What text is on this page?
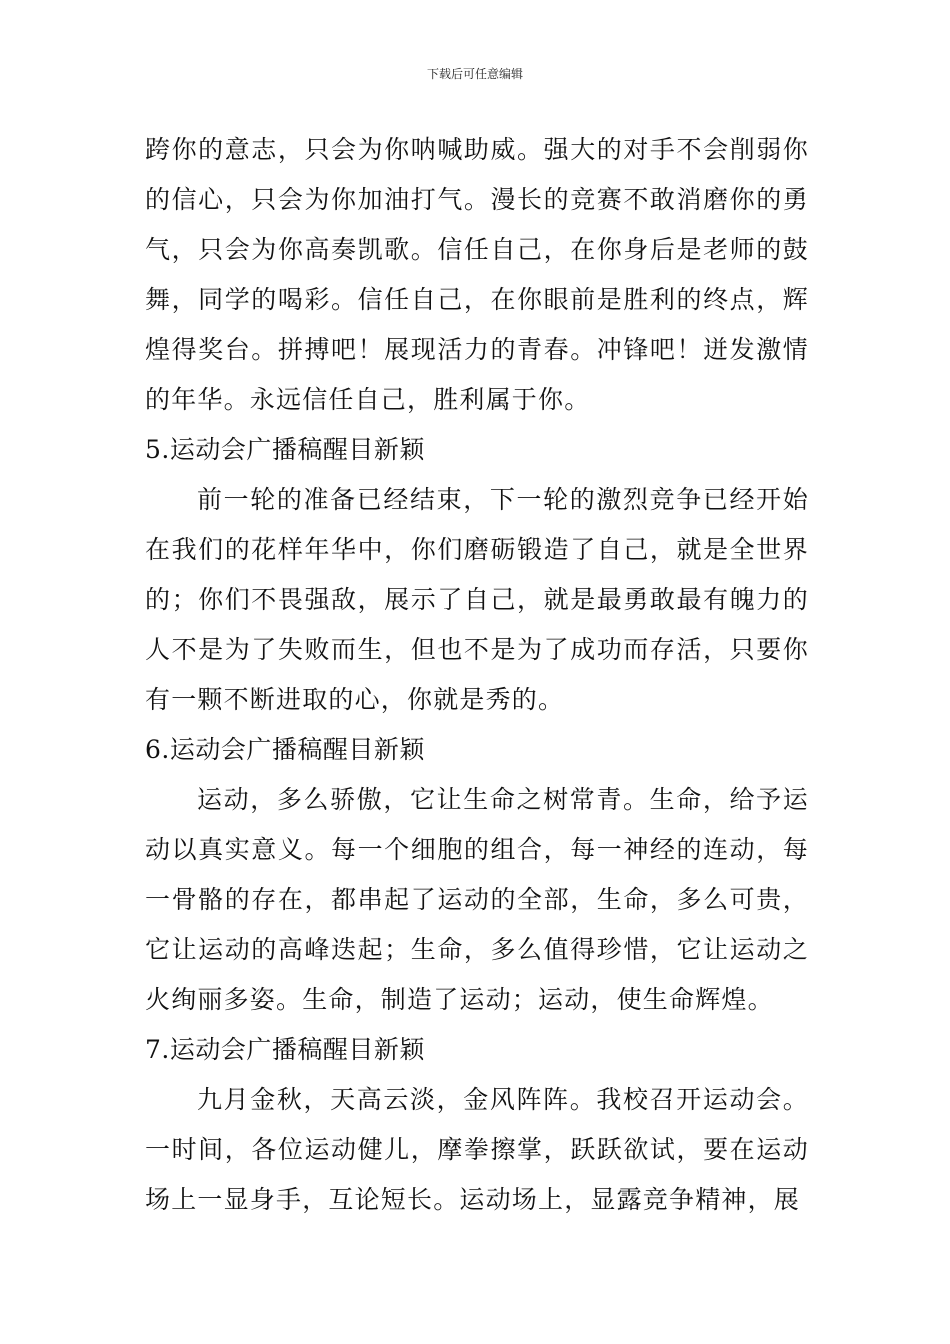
下载后可任意编辑

跨你的意志，只会为你呐喊助威。强大的对手不会削弱你的信心，只会为你加油打气。漫长的竞赛不敢消磨你的勇气，只会为你高奏凯歌。信任自己，在你身后是老师的鼓舞，同学的喝彩。信任自己，在你眼前是胜利的终点，辉煌得奖台。拼搏吧！展现活力的青春。冲锋吧！迸发激情的年华。永远信任自己，胜利属于你。

5.运动会广播稿醒目新颖

前一轮的准备已经结束，下一轮的激烈竞争已经开始在我们的花样年华中，你们磨砺锻造了自己，就是全世界的；你们不畏强敌，展示了自己，就是最勇敢最有魄力的人不是为了失败而生，但也不是为了成功而存活，只要你有一颗不断进取的心，你就是秀的。

6.运动会广播稿醒目新颖

运动，多么骄傲，它让生命之树常青。生命，给予运动以真实意义。每一个细胞的组合，每一神经的连动，每一骨骼的存在，都串起了运动的全部，生命，多么可贵，它让运动的高峰迭起；生命，多么值得珍惜，它让运动之火绚丽多姿。生命，制造了运动；运动，使生命辉煌。

7.运动会广播稿醒目新颖

九月金秋，天高云淡，金风阵阵。我校召开运动会。一时间，各位运动健儿，摩拳擦掌，跃跃欲试，要在运动场上一显身手，互论短长。运动场上，显露竞争精神，展
